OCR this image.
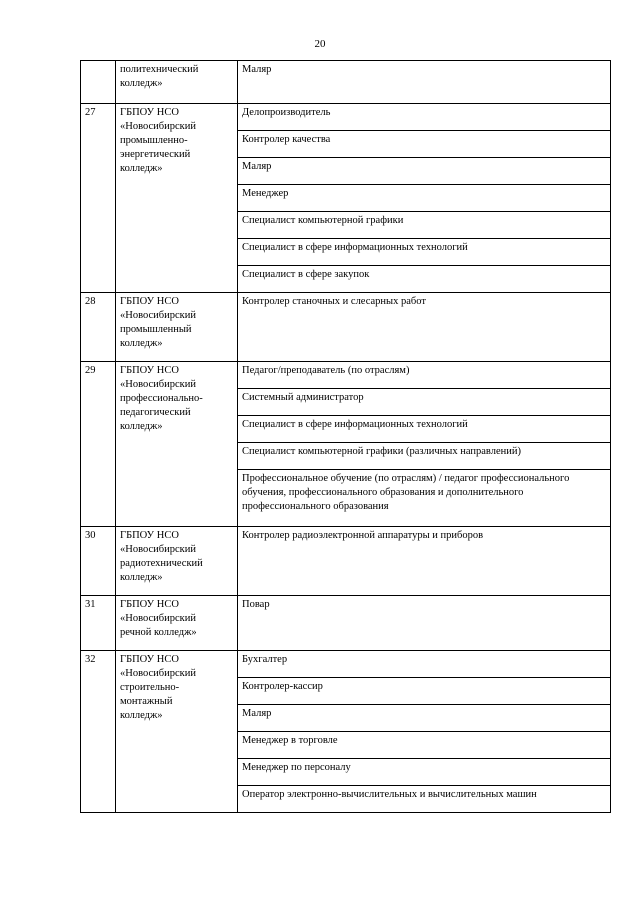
20

	политехнический
колледж»	Маляр
27	ГБПОУ НСО
«Новосибирский
промышленно-
энергетический
колледж»	Делопроизводитель
		Контролер качества
		Маляр
		Менеджер
		Специалист компьютерной графики
		Специалист в сфере информационных технологий
		Специалист в сфере закупок
28	ГБПОУ НСО
«Новосибирский
промышленный
колледж»	Контролер станочных и слесарных работ
29	ГБПОУ НСО
«Новосибирский
профессионально-
педагогический
колледж»	Педагог/преподаватель (по отраслям)
		Системный администратор
		Специалист в сфере информационных технологий
		Специалист компьютерной графики (различных направлений)
		Профессиональное обучение (по отраслям) / педагог профессионального обучения, профессионального образования и дополнительного профессионального образования
30	ГБПОУ НСО
«Новосибирский
радиотехнический
колледж»	Контролер радиоэлектронной аппаратуры и приборов
31	ГБПОУ НСО
«Новосибирский
речной колледж»	Повар
32	ГБПОУ НСО
«Новосибирский
строительно-
монтажный
колледж»	Бухгалтер
		Контролер-кассир
		Маляр
		Менеджер в торговле
		Менеджер по персоналу
		Оператор электронно-вычислительных и вычислительных машин
